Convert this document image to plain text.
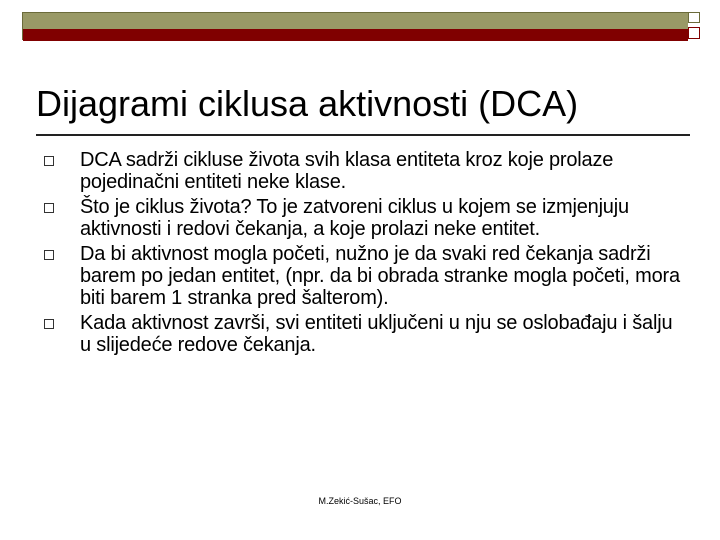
Dijagrami ciklusa aktivnosti (DCA)
DCA sadrži cikluse života svih klasa entiteta kroz koje prolaze pojedinačni entiteti neke klase.
Što je ciklus života? To je zatvoreni ciklus u kojem se izmjenjuju aktivnosti i redovi čekanja, a koje prolazi neke entitet.
Da bi aktivnost mogla početi, nužno je da svaki red čekanja sadrži barem po jedan entitet, (npr. da bi obrada stranke mogla početi, mora biti barem 1 stranka pred šalterom).
Kada aktivnost završi, svi entiteti uključeni u nju se oslobađaju i šalju u slijedeće redove čekanja.
M.Zekić-Sušac, EFO
